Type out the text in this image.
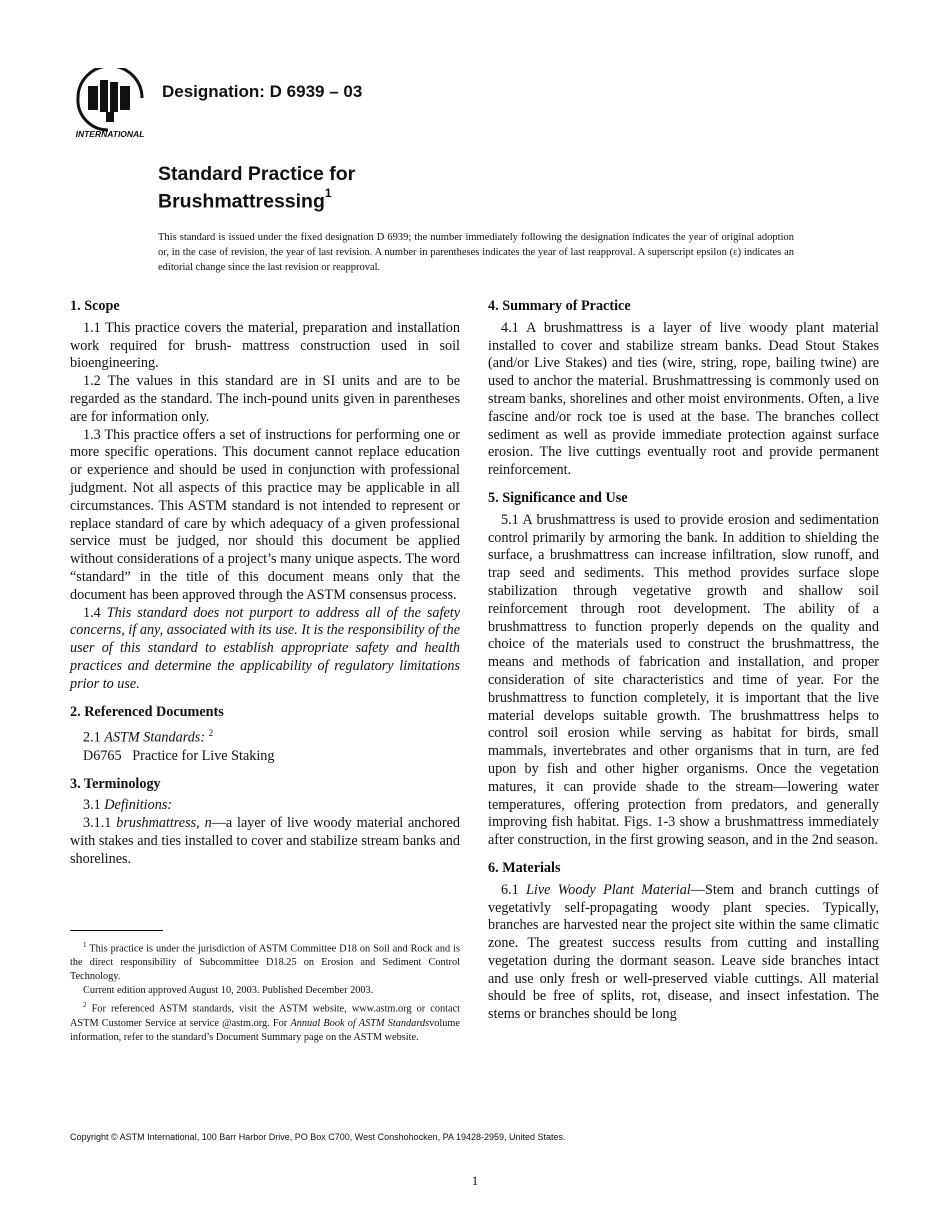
INTERNATIONAL
Designation: D 6939 – 03
Standard Practice for
Brushmattressing$^1$
This standard is issued under the fixed designation D 6939; the number immediately following the designation indicates the year of original adoption or, in the case of revision, the year of last revision. A number in parentheses indicates the year of last reapproval. A superscript epsilon (ε) indicates an editorial change since the last revision or reapproval.
1. Scope

1.1 This practice covers the material, preparation and installation work required for brush- mattress construction used in soil bioengineering.

1.2 The values in this standard are in SI units and are to be regarded as the standard. The inch-pound units given in parentheses are for information only.

1.3 This practice offers a set of instructions for performing one or more specific operations. This document cannot replace education or experience and should be used in conjunction with professional judgment. Not all aspects of this practice may be applicable in all circumstances. This ASTM standard is not intended to represent or replace standard of care by which adequacy of a given professional service must be judged, nor should this document be applied without considerations of a project’s many unique aspects. The word “standard” in the title of this document means only that the document has been approved through the ASTM consensus process.

1.4 This standard does not purport to address all of the safety concerns, if any, associated with its use. It is the responsibility of the user of this standard to establish appropriate safety and health practices and determine the applicability of regulatory limitations prior to use.

2. Referenced Documents

2.1 ASTM Standards: $^2$

D6765   Practice for Live Staking

3. Terminology

3.1 Definitions:

3.1.1 brushmattress, n—a layer of live woody material anchored with stakes and ties installed to cover and stabilize stream banks and shorelines.

$^1$ This practice is under the jurisdiction of ASTM Committee D18 on Soil and Rock and is the direct responsibility of Subcommittee D18.25 on Erosion and Sediment Control Technology.

Current edition approved August 10, 2003. Published December 2003.

$^2$ For referenced ASTM standards, visit the ASTM website, www.astm.org or contact ASTM Customer Service at service @astm.org. For Annual Book of ASTM Standardsvolume information, refer to the standard’s Document Summary page on the ASTM website.

4. Summary of Practice

4.1 A brushmattress is a layer of live woody plant material installed to cover and stabilize stream banks. Dead Stout Stakes (and/or Live Stakes) and ties (wire, string, rope, bailing twine) are used to anchor the material. Brushmattressing is commonly used on stream banks, shorelines and other moist environments. Often, a live fascine and/or rock toe is used at the base. The branches collect sediment as well as provide immediate protection against surface erosion. The live cuttings eventually root and provide permanent reinforcement.

5. Significance and Use

5.1 A brushmattress is used to provide erosion and sedimentation control primarily by armoring the bank. In addition to shielding the surface, a brushmattress can increase infiltration, slow runoff, and trap seed and sediments. This method provides surface slope stabilization through vegetative growth and shallow soil reinforcement through root development. The ability of a brushmattress to function properly depends on the quality and choice of the materials used to construct the brushmattress, the means and methods of fabrication and installation, and proper consideration of site characteristics and time of year. For the brushmattress to function completely, it is important that the live material develops suitable growth. The brushmattress helps to control soil erosion while serving as habitat for birds, small mammals, invertebrates and other organisms that in turn, are fed upon by fish and other higher organisms. Once the vegetation matures, it can provide shade to the stream—lowering water temperatures, offering protection from predators, and generally improving fish habitat. Figs. 1-3 show a brushmattress immediately after construction, in the first growing season, and in the 2nd season.

6. Materials

6.1 Live Woody Plant Material—Stem and branch cuttings of vegetativly self-propagating woody plant species. Typically, branches are harvested near the project site within the same climatic zone. The greatest success results from cutting and installing vegetation during the dormant season. Leave side branches intact and use only fresh or well-preserved viable cuttings. All material should be free of splits, rot, disease, and insect infestation. The stems or branches should be long

Copyright © ASTM International, 100 Barr Harbor Drive, PO Box C700, West Conshohocken, PA 19428-2959, United States.
1
